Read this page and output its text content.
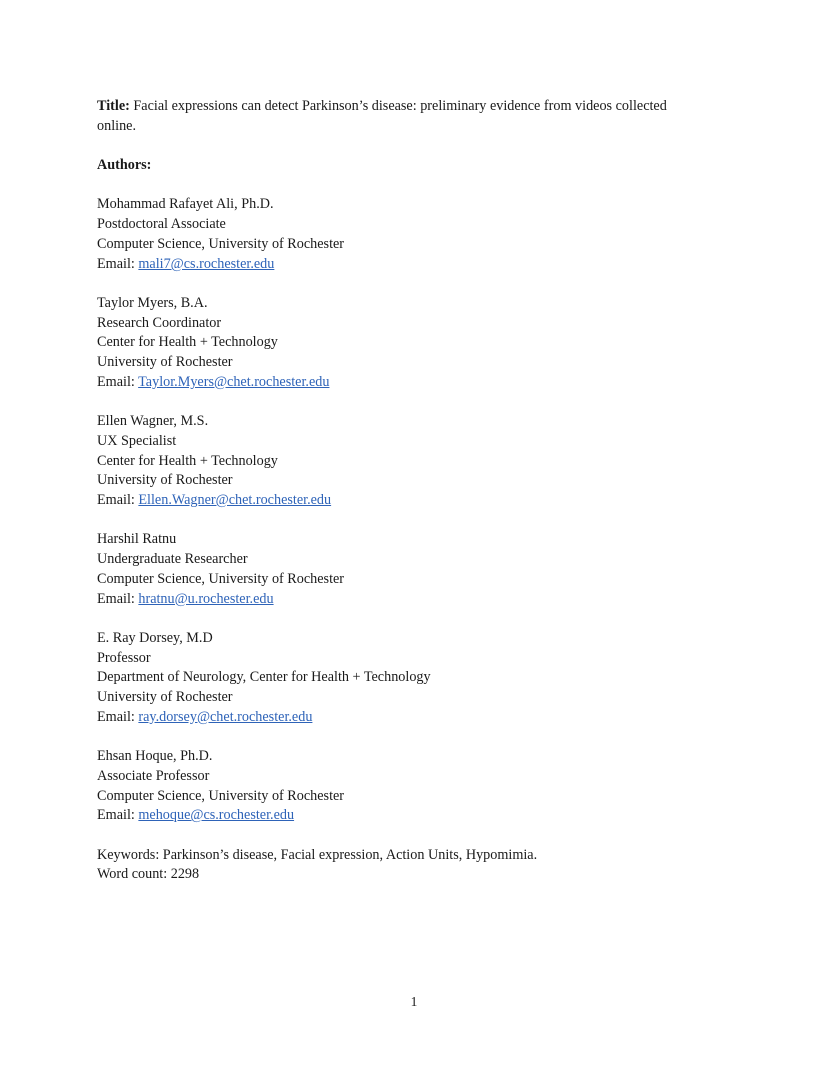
Title: Facial expressions can detect Parkinson’s disease: preliminary evidence from videos collected
online.
Authors:
Mohammad Rafayet Ali, Ph.D.
Postdoctoral Associate
Computer Science, University of Rochester
Email: mali7@cs.rochester.edu
Taylor Myers, B.A.
Research Coordinator
Center for Health + Technology
University of Rochester
Email: Taylor.Myers@chet.rochester.edu
Ellen Wagner, M.S.
UX Specialist
Center for Health + Technology
University of Rochester
Email: Ellen.Wagner@chet.rochester.edu
Harshil Ratnu
Undergraduate Researcher
Computer Science, University of Rochester
Email: hratnu@u.rochester.edu
E. Ray Dorsey, M.D
Professor
Department of Neurology, Center for Health + Technology
University of Rochester
Email: ray.dorsey@chet.rochester.edu
Ehsan Hoque, Ph.D.
Associate Professor
Computer Science, University of Rochester
Email: mehoque@cs.rochester.edu
Keywords: Parkinson’s disease, Facial expression, Action Units, Hypomimia.
Word count: 2298
1
